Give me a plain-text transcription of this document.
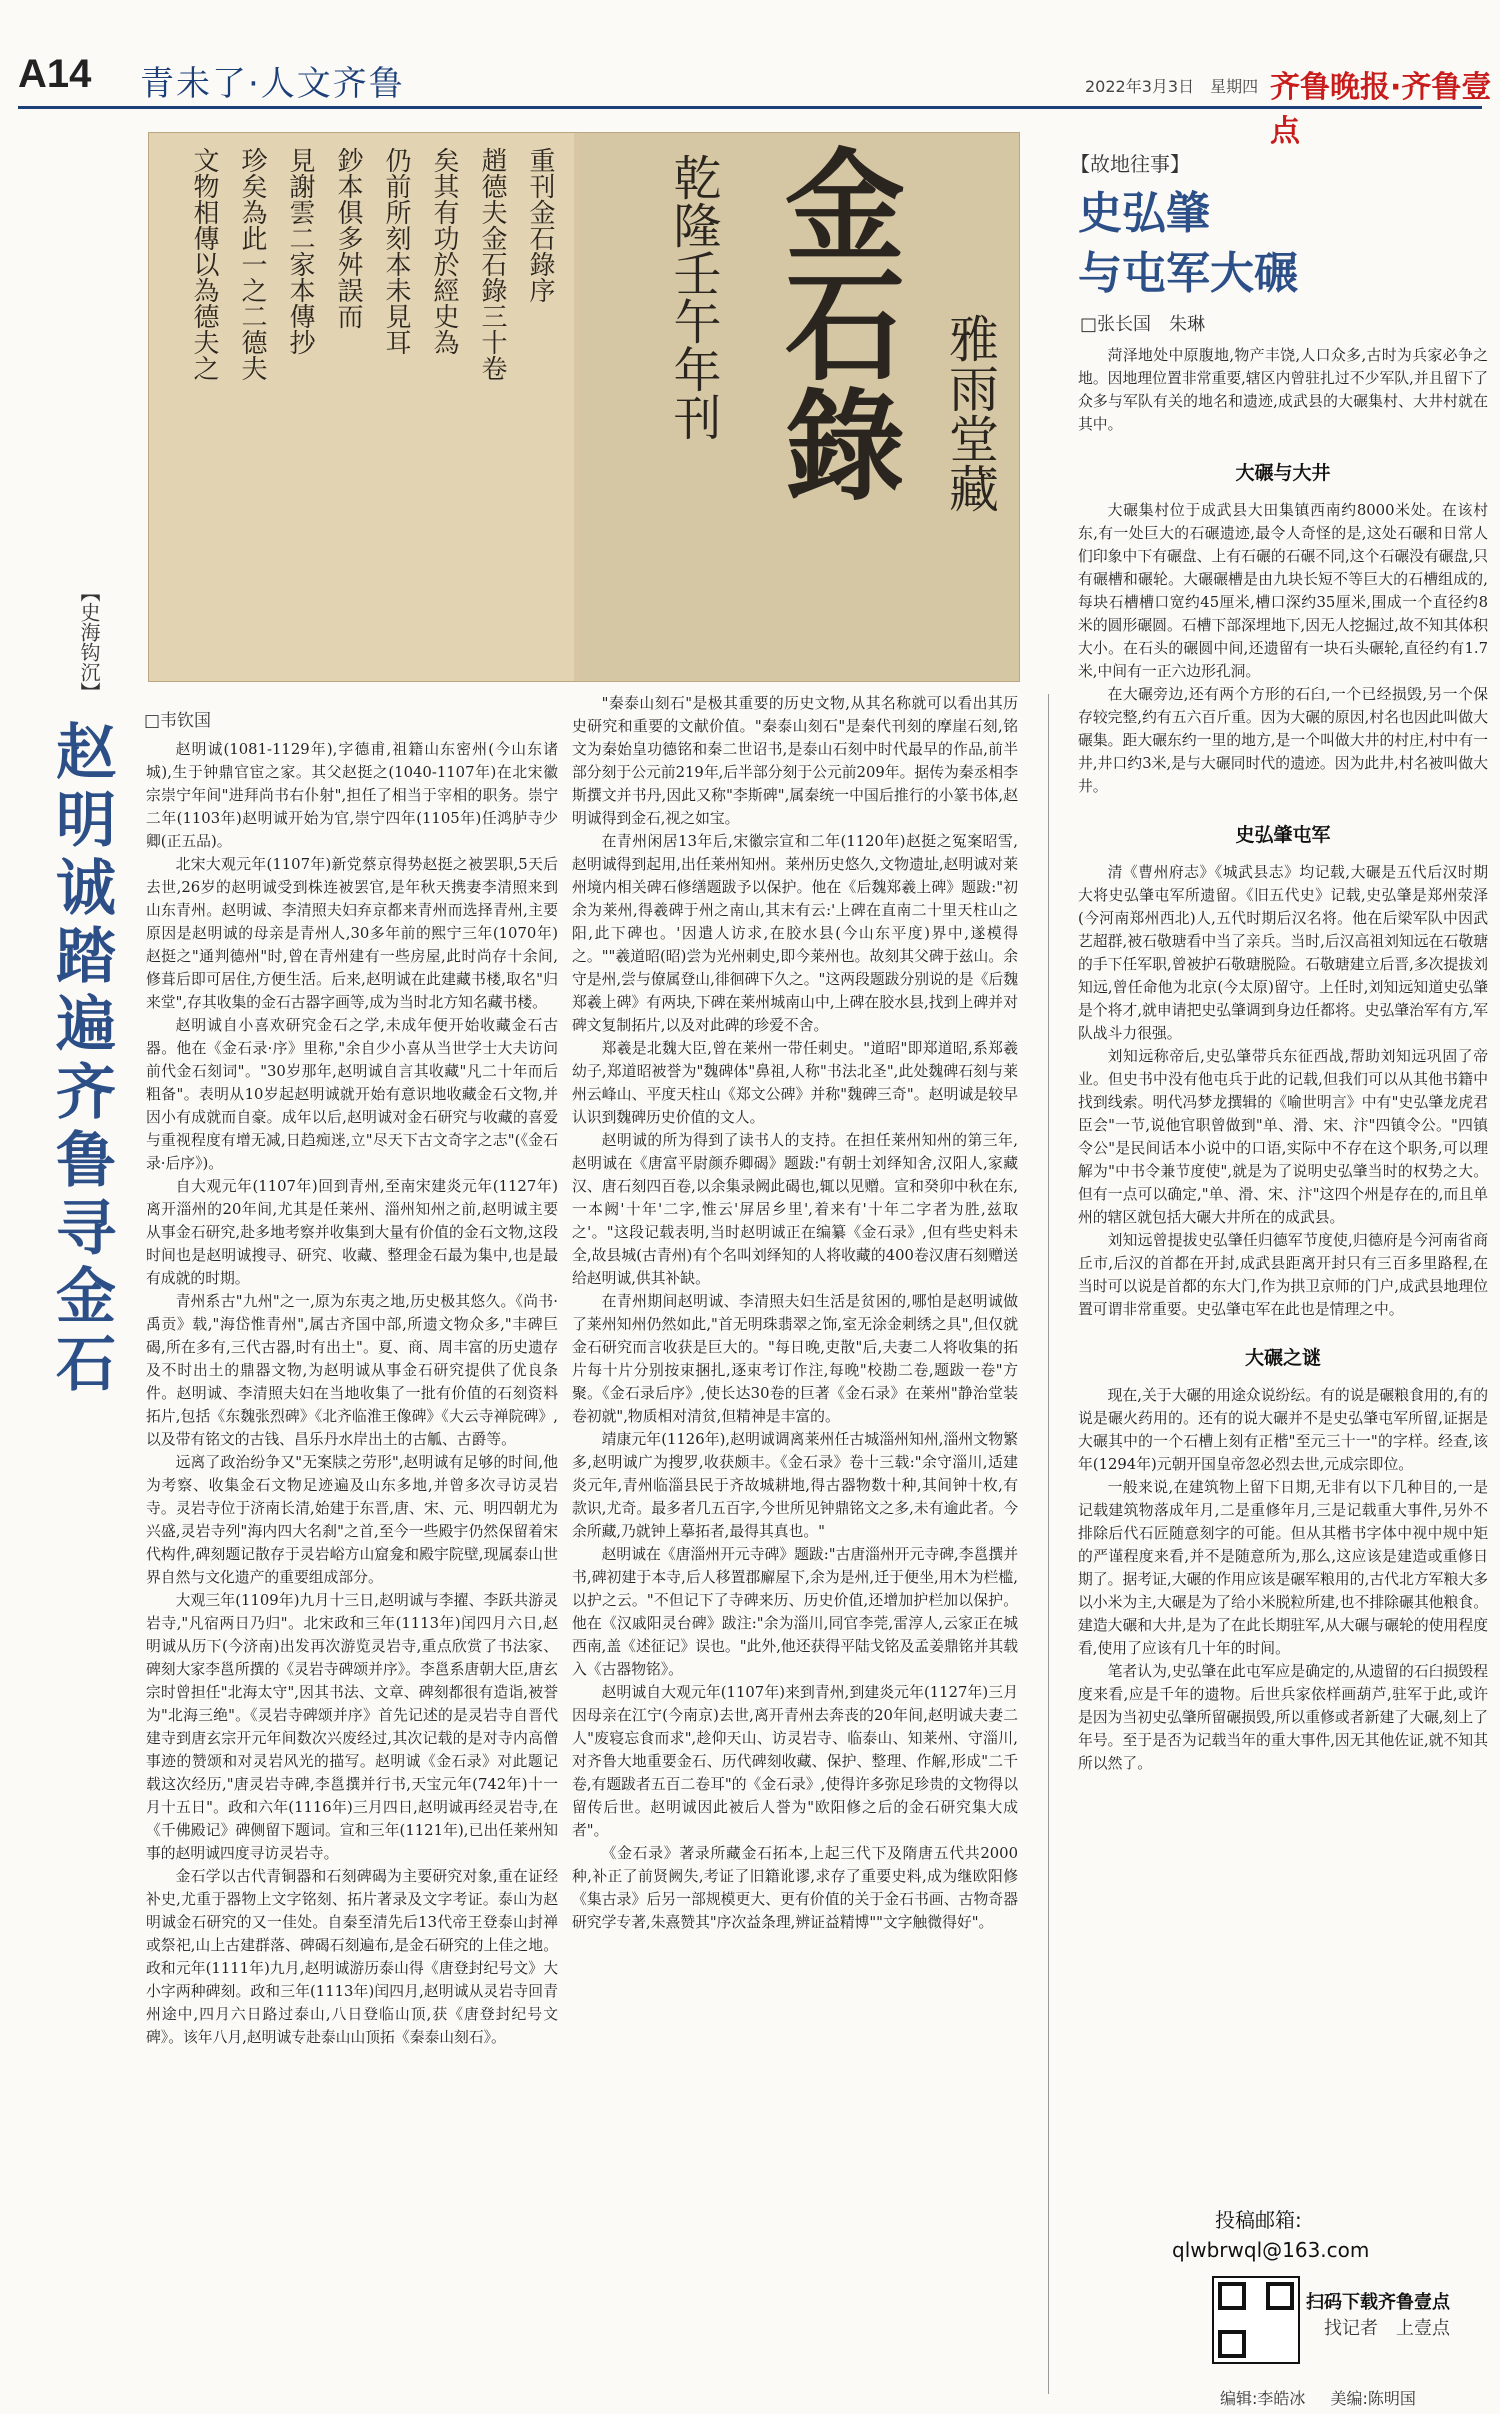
A14 青未了·人文齐鲁	2022年3月3日　星期四 齐鲁晚报·齐鲁壹点
重刊金石錄序
趙德夫金石錄三十卷
矣其有功於經史為
仍前所刻本未見耳
鈔本俱多舛誤而
見謝雲二家本傳抄
珍矣為此一之二德夫
文物相傳以為德夫之	乾隆壬午年刊 金石錄 雅雨堂藏
□韦钦国
【史海钩沉】
赵明诚踏遍齐鲁寻金石	赵明诚(1081-1129年),字德甫,祖籍山东密州(今山东诸城),生于钟鼎官宦之家。其父赵挺之(1040-1107年)在北宋徽宗崇宁年间"进拜尚书右仆射",担任了相当于宰相的职务。崇宁二年(1103年)赵明诚开始为官,崇宁四年(1105年)任鸿胪寺少卿(正五品)。

北宋大观元年(1107年)新党蔡京得势赵挺之被罢职,5天后去世,26岁的赵明诚受到株连被罢官,是年秋天携妻李清照来到山东青州。赵明诚、李清照夫妇弃京都来青州而选择青州,主要原因是赵明诚的母亲是青州人,30多年前的熙宁三年(1070年)赵挺之"通判德州"时,曾在青州建有一些房屋,此时尚存十余间,修葺后即可居住,方便生活。后来,赵明诚在此建藏书楼,取名"归来堂",存其收集的金石古器字画等,成为当时北方知名藏书楼。

赵明诚自小喜欢研究金石之学,未成年便开始收藏金石古器。他在《金石录·序》里称,"余自少小喜从当世学士大夫访问前代金石刻词"。"30岁那年,赵明诚自言其收藏"凡二十年而后粗备"。表明从10岁起赵明诚就开始有意识地收藏金石文物,并因小有成就而自豪。成年以后,赵明诚对金石研究与收藏的喜爱与重视程度有增无减,日趋痴迷,立"尽天下古文奇字之志"(《金石录·后序》)。

自大观元年(1107年)回到青州,至南宋建炎元年(1127年)离开淄州的20年间,尤其是任莱州、淄州知州之前,赵明诚主要从事金石研究,赴多地考察并收集到大量有价值的金石文物,这段时间也是赵明诚搜寻、研究、收藏、整理金石最为集中,也是最有成就的时期。

青州系古"九州"之一,原为东夷之地,历史极其悠久。《尚书·禹贡》载,"海岱惟青州",属古齐国中部,所遗文物众多,"丰碑巨碣,所在多有,三代古器,时有出土"。夏、商、周丰富的历史遗存及不时出土的鼎器文物,为赵明诚从事金石研究提供了优良条件。赵明诚、李清照夫妇在当地收集了一批有价值的石刻资料拓片,包括《东魏张烈碑》《北齐临淮王像碑》《大云寺禅院碑》,以及带有铭文的古钱、昌乐丹水岸出土的古觚、古爵等。

远离了政治纷争又"无案牍之劳形",赵明诚有足够的时间,他为考察、收集金石文物足迹遍及山东多地,并曾多次寻访灵岩寺。灵岩寺位于济南长清,始建于东晋,唐、宋、元、明四朝尤为兴盛,灵岩寺列"海内四大名刹"之首,至今一些殿宇仍然保留着宋代构件,碑刻题记散存于灵岩峪方山窟龛和殿宇院壁,现属泰山世界自然与文化遗产的重要组成部分。

大观三年(1109年)九月十三日,赵明诚与李擢、李跃共游灵岩寺,"凡宿两日乃归"。北宋政和三年(1113年)闰四月六日,赵明诚从历下(今济南)出发再次游览灵岩寺,重点欣赏了书法家、碑刻大家李邕所撰的《灵岩寺碑颂并序》。李邕系唐朝大臣,唐玄宗时曾担任"北海太守",因其书法、文章、碑刻都很有造诣,被誉为"北海三绝"。《灵岩寺碑颂并序》首先记述的是灵岩寺自晋代建寺到唐玄宗开元年间数次兴废经过,其次记载的是对寺内高僧事迹的赞颂和对灵岩风光的描写。赵明诚《金石录》对此题记载这次经历,"唐灵岩寺碑,李邕撰并行书,天宝元年(742年)十一月十五日"。政和六年(1116年)三月四日,赵明诚再经灵岩寺,在《千佛殿记》碑侧留下题词。宣和三年(1121年),已出任莱州知事的赵明诚四度寻访灵岩寺。

金石学以古代青铜器和石刻碑碣为主要研究对象,重在证经补史,尤重于器物上文字铭刻、拓片著录及文字考证。泰山为赵明诚金石研究的又一佳处。自秦至清先后13代帝王登泰山封禅或祭祀,山上古建群落、碑碣石刻遍布,是金石研究的上佳之地。政和元年(1111年)九月,赵明诚游历泰山得《唐登封纪号文》大小字两种碑刻。政和三年(1113年)闰四月,赵明诚从灵岩寺回青州途中,四月六日路过泰山,八日登临山顶,获《唐登封纪号文碑》。该年八月,赵明诚专赴泰山山顶拓《秦泰山刻石》。

"秦泰山刻石"是极其重要的历史文物,从其名称就可以看出其历史研究和重要的文献价值。"秦泰山刻石"是秦代刊刻的摩崖石刻,铭文为秦始皇功德铭和秦二世诏书,是泰山石刻中时代最早的作品,前半部分刻于公元前219年,后半部分刻于公元前209年。据传为秦丞相李斯撰文并书丹,因此又称"李斯碑",属秦统一中国后推行的小篆书体,赵明诚得到金石,视之如宝。

在青州闲居13年后,宋徽宗宣和二年(1120年)赵挺之冤案昭雪,赵明诚得到起用,出任莱州知州。莱州历史悠久,文物遗址,赵明诚对莱州境内相关碑石修缮题跋予以保护。他在《后魏郑羲上碑》题跋:"初余为莱州,得羲碑于州之南山,其末有云:'上碑在直南二十里天柱山之阳,此下碑也。'因遣人访求,在胶水县(今山东平度)界中,遂模得之。""羲道昭(昭)尝为光州刺史,即今莱州也。故刻其父碑于兹山。余守是州,尝与僚属登山,徘徊碑下久之。"这两段题跋分别说的是《后魏郑羲上碑》有两块,下碑在莱州城南山中,上碑在胶水县,找到上碑并对碑文复制拓片,以及对此碑的珍爱不舍。

郑羲是北魏大臣,曾在莱州一带任刺史。"道昭"即郑道昭,系郑羲幼子,郑道昭被誉为"魏碑体"鼻祖,人称"书法北圣",此处魏碑石刻与莱州云峰山、平度天柱山《郑文公碑》并称"魏碑三奇"。赵明诚是较早认识到魏碑历史价值的文人。

赵明诚的所为得到了读书人的支持。在担任莱州知州的第三年,赵明诚在《唐富平尉颜乔卿碣》题跋:"有朝士刘绎知舍,汉阳人,家藏汉、唐石刻四百卷,以余集录阙此碣也,辄以见赠。宣和癸卯中秋在东,一本阙'十年'二字,惟云'屏居乡里',着来有'十年二字者为胜,兹取之'。"这段记载表明,当时赵明诚正在编纂《金石录》,但有些史料未全,故县城(古青州)有个名叫刘绎知的人将收藏的400卷汉唐石刻赠送给赵明诚,供其补缺。

在青州期间赵明诚、李清照夫妇生活是贫困的,哪怕是赵明诚做了莱州知州仍然如此,"首无明珠翡翠之饰,室无涂金刺绣之具",但仅就金石研究而言收获是巨大的。"每日晚,吏散"后,夫妻二人将收集的拓片每十片分别按束捆扎,逐束考订作注,每晚"校勘二卷,题跋一卷"方聚。《金石录后序》,使长达30卷的巨著《金石录》在莱州"静治堂装卷初就",物质相对清贫,但精神是丰富的。

靖康元年(1126年),赵明诚调离莱州任古城淄州知州,淄州文物繁多,赵明诚广为搜罗,收获颇丰。《金石录》卷十三载:"余守淄川,适建炎元年,青州临淄县民于齐故城耕地,得古器物数十种,其间钟十枚,有款识,尤奇。最多者几五百字,今世所见钟鼎铭文之多,未有逾此者。今余所藏,乃就钟上摹拓者,最得其真也。"

赵明诚在《唐淄州开元寺碑》题跋:"古唐淄州开元寺碑,李邕撰并书,碑初建于本寺,后人移置郡廨屋下,余为是州,迁于便坐,用木为栏槛,以护之云。"不但记下了寺碑来历、历史价值,还增加护栏加以保护。他在《汉戚阳灵台碑》跋注:"余为淄川,同官李莞,雷淳人,云家正在城西南,盖《述征记》误也。"此外,他还获得平陆戈铭及孟姜鼎铭并其载入《古器物铭》。

赵明诚自大观元年(1107年)来到青州,到建炎元年(1127年)三月因母亲在江宁(今南京)去世,离开青州去奔丧的20年间,赵明诚夫妻二人"废寝忘食而求",趁仰天山、访灵岩寺、临泰山、知莱州、守淄川,对齐鲁大地重要金石、历代碑刻收藏、保护、整理、作解,形成"二千卷,有题跋者五百二卷耳"的《金石录》,使得许多弥足珍贵的文物得以留传后世。赵明诚因此被后人誉为"欧阳修之后的金石研究集大成者"。

《金石录》著录所藏金石拓本,上起三代下及隋唐五代共2000种,补正了前贤阙失,考证了旧籍讹谬,求存了重要史料,成为继欧阳修《集古录》后另一部规模更大、更有价值的关于金石书画、古物奇器研究学专著,朱熹赞其"序次益条理,辨证益精博""文字触微得好"。

【故地往事】
史弘肇
与屯军大碾
□张长国　朱琳

菏泽地处中原腹地,物产丰饶,人口众多,古时为兵家必争之地。因地理位置非常重要,辖区内曾驻扎过不少军队,并且留下了众多与军队有关的地名和遗迹,成武县的大碾集村、大井村就在其中。

大碾与大井

大碾集村位于成武县大田集镇西南约8000米处。在该村东,有一处巨大的石碾遗迹,最令人奇怪的是,这处石碾和日常人们印象中下有碾盘、上有石碾的石碾不同,这个石碾没有碾盘,只有碾槽和碾轮。大碾碾槽是由九块长短不等巨大的石槽组成的,每块石槽槽口宽约45厘米,槽口深约35厘米,围成一个直径约8米的圆形碾圆。石槽下部深埋地下,因无人挖掘过,故不知其体积大小。在石头的碾圆中间,还遗留有一块石头碾轮,直径约有1.7米,中间有一正六边形孔洞。

在大碾旁边,还有两个方形的石臼,一个已经损毁,另一个保存较完整,约有五六百斤重。因为大碾的原因,村名也因此叫做大碾集。距大碾东约一里的地方,是一个叫做大井的村庄,村中有一井,井口约3米,是与大碾同时代的遗迹。因为此井,村名被叫做大井。

史弘肇屯军

清《曹州府志》《城武县志》均记载,大碾是五代后汉时期大将史弘肇屯军所遗留。《旧五代史》记载,史弘肇是郑州荥泽(今河南郑州西北)人,五代时期后汉名将。他在后梁军队中因武艺超群,被石敬瑭看中当了亲兵。当时,后汉高祖刘知远在石敬瑭的手下任军职,曾被护石敬瑭脱险。石敬瑭建立后晋,多次提拔刘知远,曾任命他为北京(今太原)留守。上任时,刘知远知道史弘肇是个将才,就申请把史弘肇调到身边任都将。史弘肇治军有方,军队战斗力很强。

刘知远称帝后,史弘肇带兵东征西战,帮助刘知远巩固了帝业。但史书中没有他屯兵于此的记载,但我们可以从其他书籍中找到线索。明代冯梦龙撰辑的《喻世明言》中有"史弘肇龙虎君臣会"一节,说他官职曾做到"单、滑、宋、汴"四镇令公。"四镇令公"是民间话本小说中的口语,实际中不存在这个职务,可以理解为"中书令兼节度使",就是为了说明史弘肇当时的权势之大。但有一点可以确定,"单、滑、宋、汴"这四个州是存在的,而且单州的辖区就包括大碾大井所在的成武县。

刘知远曾提拔史弘肇任归德军节度使,归德府是今河南省商丘市,后汉的首都在开封,成武县距离开封只有三百多里路程,在当时可以说是首都的东大门,作为拱卫京师的门户,成武县地理位置可谓非常重要。史弘肇屯军在此也是情理之中。

大碾之谜

现在,关于大碾的用途众说纷纭。有的说是碾粮食用的,有的说是碾火药用的。还有的说大碾并不是史弘肇屯军所留,证据是大碾其中的一个石槽上刻有正楷"至元三十一"的字样。经查,该年(1294年)元朝开国皇帝忽必烈去世,元成宗即位。

一般来说,在建筑物上留下日期,无非有以下几种目的,一是记载建筑物落成年月,二是重修年月,三是记载重大事件,另外不排除后代石匠随意刻字的可能。但从其楷书字体中视中规中矩的严谨程度来看,并不是随意所为,那么,这应该是建造或重修日期了。据考证,大碾的作用应该是碾军粮用的,古代北方军粮大多以小米为主,大碾是为了给小米脱粒所建,也不排除碾其他粮食。建造大碾和大井,是为了在此长期驻军,从大碾与碾轮的使用程度看,使用了应该有几十年的时间。

笔者认为,史弘肇在此屯军应是确定的,从遗留的石臼损毁程度来看,应是千年的遗物。后世兵家依样画葫芦,驻军于此,或许是因为当初史弘肇所留碾损毁,所以重修或者新建了大碾,刻上了年号。至于是否为记载当年的重大事件,因无其他佐证,就不知其所以然了。

投稿邮箱:
qlwbrwql@163.com
扫码下载齐鲁壹点
找记者　上壹点
编辑:李皓冰 美编:陈明国
